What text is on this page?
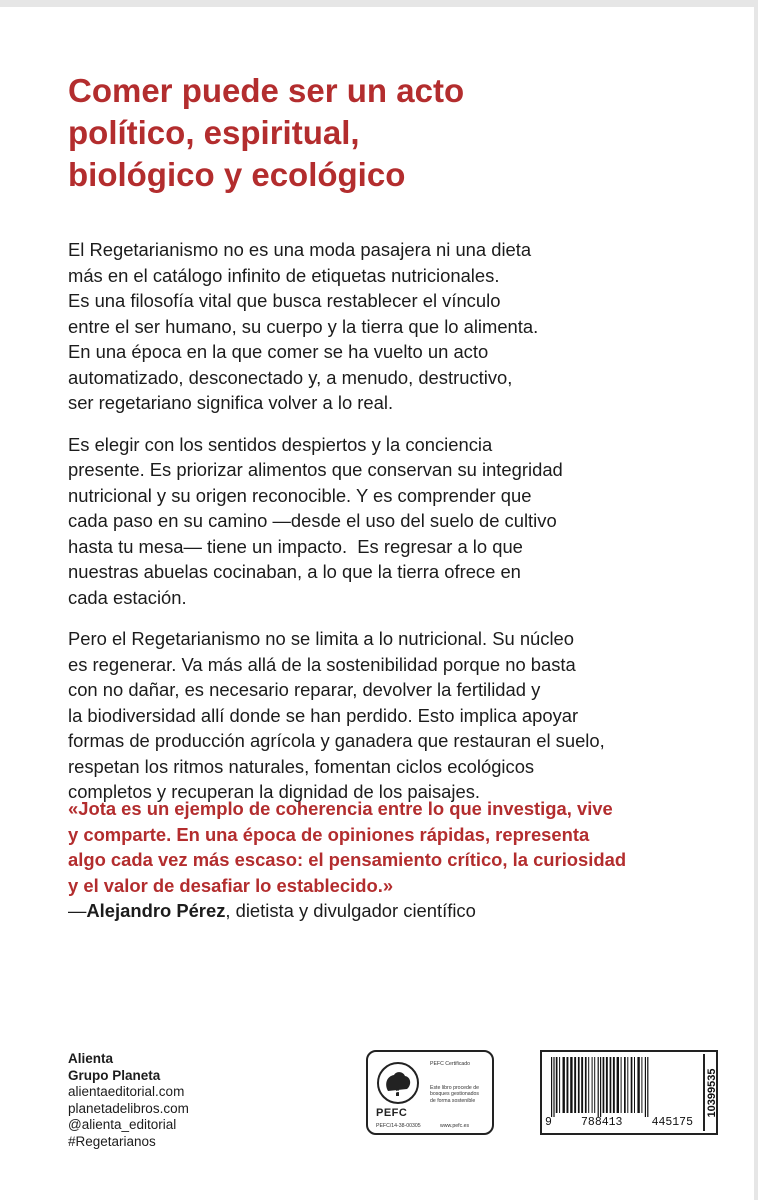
Comer puede ser un acto
político, espiritual,
biológico y ecológico

El Regetarianismo no es una moda pasajera ni una dieta
más en el catálogo infinito de etiquetas nutricionales.
Es una filosofía vital que busca restablecer el vínculo
entre el ser humano, su cuerpo y la tierra que lo alimenta.
En una época en la que comer se ha vuelto un acto
automatizado, desconectado y, a menudo, destructivo,
ser regetariano significa volver a lo real.

Es elegir con los sentidos despiertos y la conciencia
presente. Es priorizar alimentos que conservan su integridad
nutricional y su origen reconocible. Y es comprender que
cada paso en su camino —desde el uso del suelo de cultivo
hasta tu mesa— tiene un impacto.  Es regresar a lo que
nuestras abuelas cocinaban, a lo que la tierra ofrece en
cada estación.

Pero el Regetarianismo no se limita a lo nutricional. Su núcleo
es regenerar. Va más allá de la sostenibilidad porque no basta
con no dañar, es necesario reparar, devolver la fertilidad y
la biodiversidad allí donde se han perdido. Esto implica apoyar
formas de producción agrícola y ganadera que restauran el suelo,
respetan los ritmos naturales, fomentan ciclos ecológicos
completos y recuperan la dignidad de los paisajes.

«Jota es un ejemplo de coherencia entre lo que investiga, vive
y comparte. En una época de opiniones rápidas, representa
algo cada vez más escaso: el pensamiento crítico, la curiosidad
y el valor de desafiar lo establecido.»
—Alejandro Pérez, dietista y divulgador científico
Alienta
Grupo Planeta
alientaeditorial.com
planetadelibros.com
@alienta_editorial
#Regetarianos
PEFC
PEFC Certificado
Este libro procede de
bosques gestionados
de forma sostenible
PEFC/14-38-00305	www.pefc.es	9	788413	445175
10399535
